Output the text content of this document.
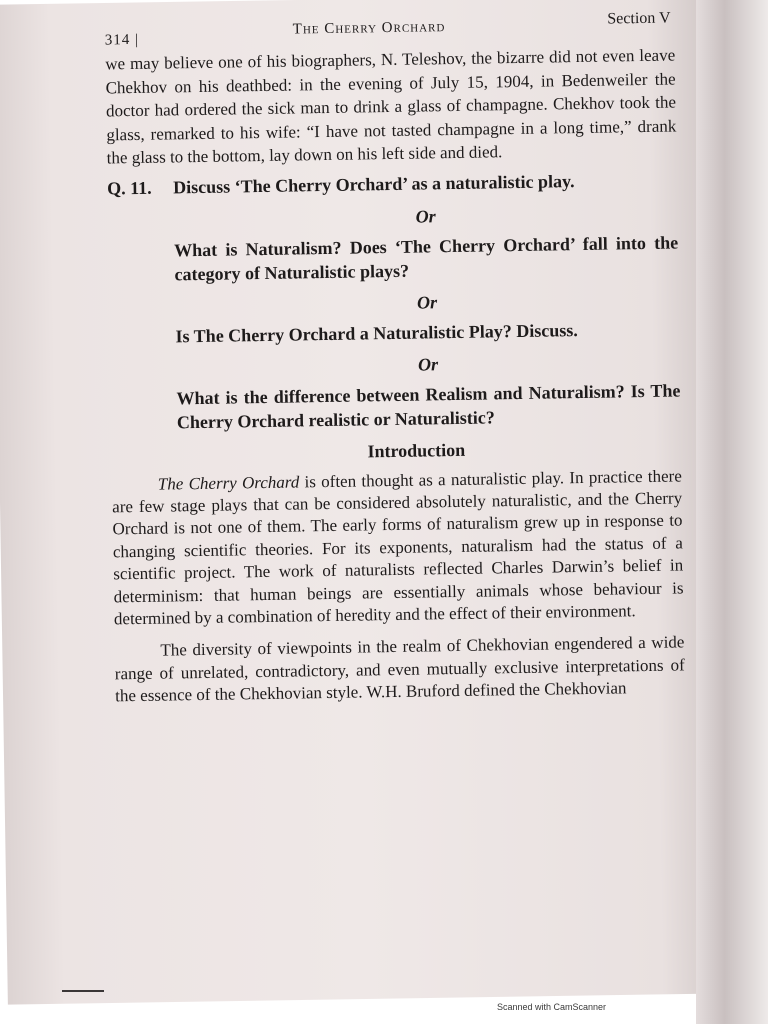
314 |
The Cherry Orchard
Section V

we may believe one of his biographers, N. Teleshov, the bizarre did not even leave Chekhov on his deathbed: in the evening of July 15, 1904, in Bedenweiler the doctor had ordered the sick man to drink a glass of champagne. Chekhov took the glass, remarked to his wife: “I have not tasted champagne in a long time,” drank the glass to the bottom, lay down on his left side and died.

Q. 11. Discuss ‘The Cherry Orchard’ as a naturalistic play.
Or
What is Naturalism? Does ‘The Cherry Orchard’ fall into the category of Naturalistic plays?
Or
Is The Cherry Orchard a Naturalistic Play? Discuss.
Or
What is the difference between Realism and Naturalism? Is The Cherry Orchard realistic or Naturalistic?
Introduction

The Cherry Orchard is often thought as a naturalistic play. In practice there are few stage plays that can be considered absolutely naturalistic, and the Cherry Orchard is not one of them. The early forms of naturalism grew up in response to changing scientific theories. For its exponents, naturalism had the status of a scientific project. The work of naturalists reflected Charles Darwin’s belief in determinism: that human beings are essentially animals whose behaviour is determined by a combination of heredity and the effect of their environment.

The diversity of viewpoints in the realm of Chekhovian engendered a wide range of unrelated, contradictory, and even mutually exclusive interpretations of the essence of the Chekhovian style. W.H. Bruford defined the Chekhovian

Scanned with CamScanner
